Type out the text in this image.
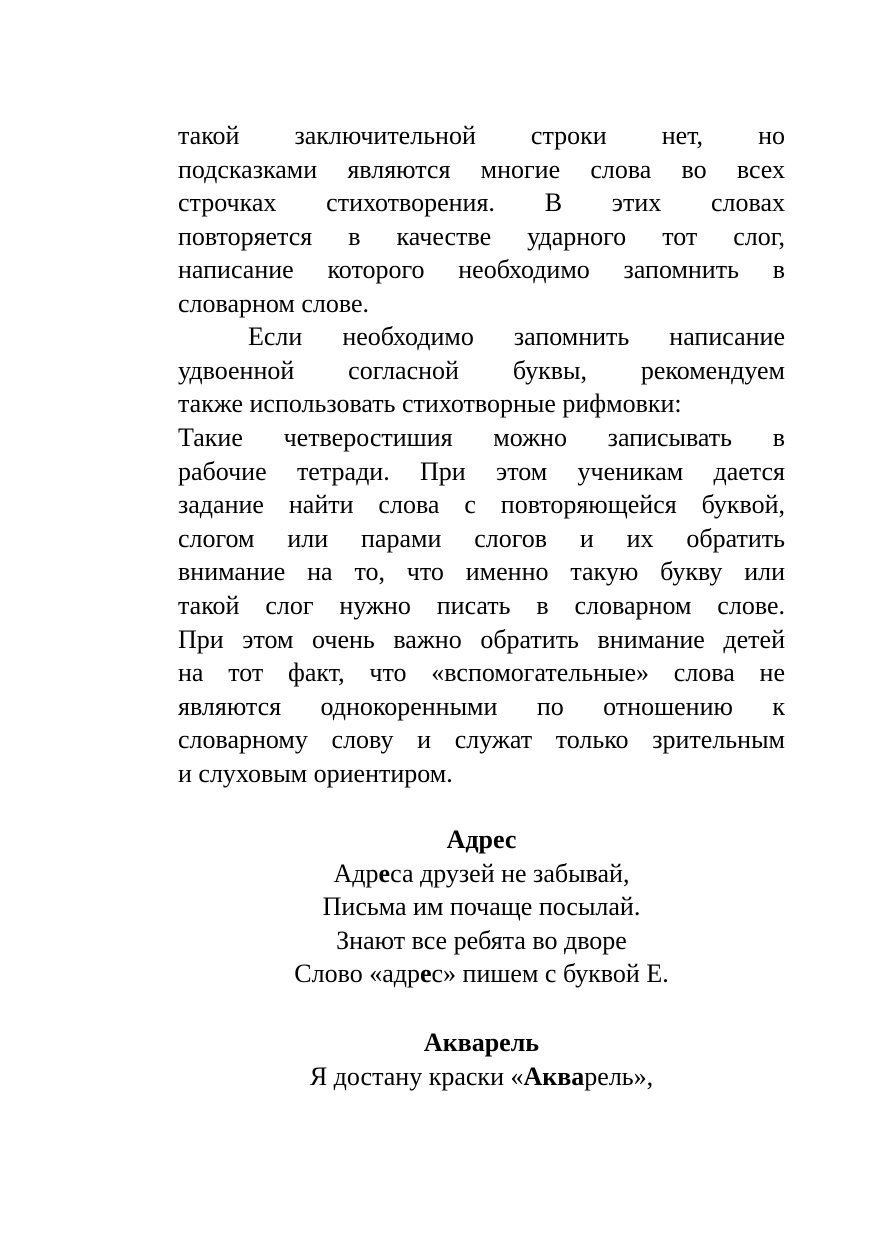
такой заключительной строки нет, но
подсказками являются многие слова во всех
строчках стихотворения. В этих словах
повторяется в качестве ударного тот слог,
написание которого необходимо запомнить в
словарном слове.
Если необходимо запомнить написание
удвоенной согласной буквы, рекомендуем
также использовать стихотворные рифмовки:
Такие четверостишия можно записывать в
рабочие тетради. При этом ученикам дается
задание найти слова с повторяющейся буквой,
слогом или парами слогов и их обратить
внимание на то, что именно такую букву или
такой слог нужно писать в словарном слове.
При этом очень важно обратить внимание детей
на тот факт, что «вспомогательные» слова не
являются однокоренными по отношению к
словарному слову и служат только зрительным
и слуховым ориентиром.
Адрес
Адреса друзей не забывай,
Письма им почаще посылай.
Знают все ребята во дворе
Слово «адрес» пишем с буквой Е.
Акварель
Я достану краски «Акварель»,
